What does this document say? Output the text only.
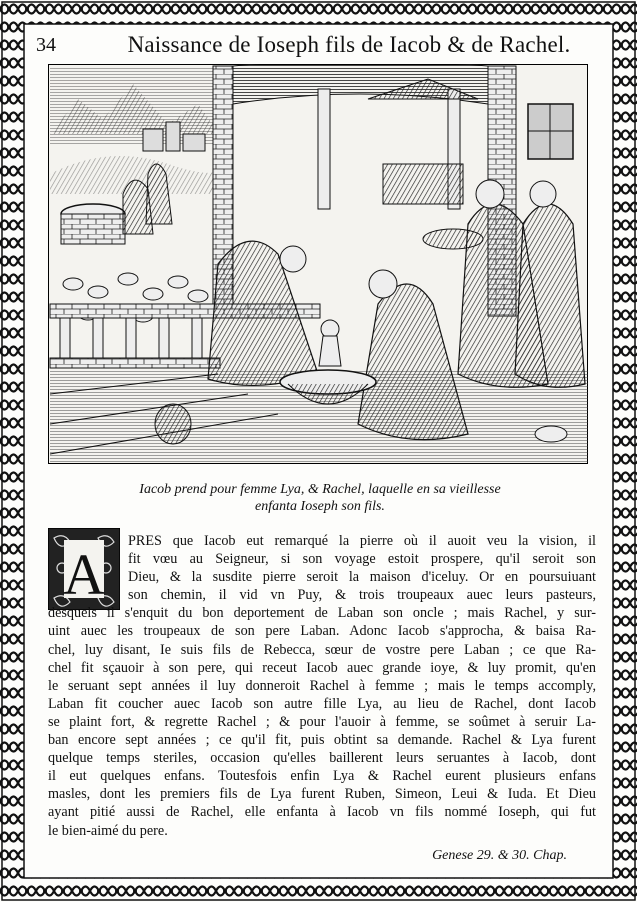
34	Naissance de Ioseph fils de Iacob & de Rachel.
Iacob prend pour femme Lya, & Rachel, laquelle en sa vieillesse
enfanta Ioseph son fils.
A
PRES que Iacob eut remarqué la pierre où il auoit veu la vision, il
fit vœu au Seigneur, si son voyage estoit prospere, qu'il seroit son
Dieu, & la susdite pierre seroit la maison d'iceluy. Or en poursuiuant
son chemin, il vid vn Puy, & trois troupeaux auec leurs pasteurs,
desquels il s'enquit du bon deportement de Laban son oncle ; mais Rachel, y sur-
uint auec les troupeaux de son pere Laban. Adonc Iacob s'approcha, & baisa Ra-
chel, luy disant, Ie suis fils de Rebecca, sœur de vostre pere Laban ; ce que Ra-
chel fit sçauoir à son pere, qui receut Iacob auec grande ioye, & luy promit, qu'en
le seruant sept années il luy donneroit Rachel à femme ; mais le temps accomply,
Laban fit coucher auec Iacob son autre fille Lya, au lieu de Rachel, dont Iacob
se plaint fort, & regrette Rachel ; & pour l'auoir à femme, se soûmet à seruir La-
ban encore sept années ; ce qu'il fit, puis obtint sa demande. Rachel & Lya furent
quelque temps steriles, occasion qu'elles baillerent leurs seruantes à Iacob, dont
il eut quelques enfans. Toutesfois enfin Lya & Rachel eurent plusieurs enfans
masles, dont les premiers fils de Lya furent Ruben, Simeon, Leui & Iuda. Et Dieu
ayant pitié aussi de Rachel, elle enfanta à Iacob vn fils nommé Ioseph, qui fut
le bien-aimé du pere.
Genese 29. & 30. Chap.
